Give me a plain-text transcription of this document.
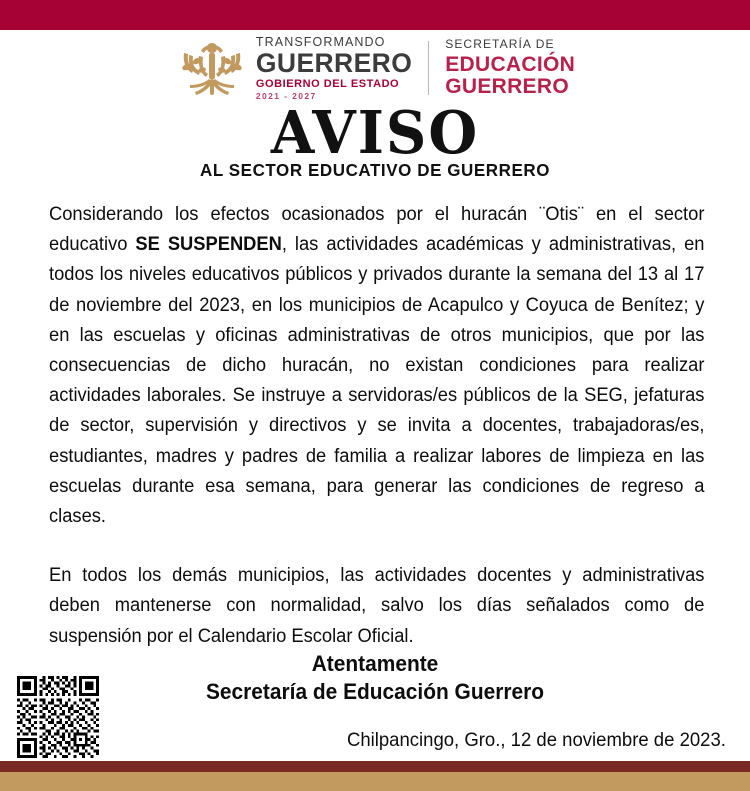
TRANSFORMANDO
GUERRERO
GOBIERNO DEL ESTADO
2021 - 2027
SECRETARÍA DE
EDUCACIÓN
GUERRERO
AVISO
AL SECTOR EDUCATIVO DE GUERRERO

Considerando los efectos ocasionados por el huracán ¨Otis¨ en el sector educativo SE SUSPENDEN, las actividades académicas y administrativas, en todos los niveles educativos públicos y privados durante la semana del 13 al 17 de noviembre del 2023, en los municipios de Acapulco y Coyuca de Benítez; y en las escuelas y oficinas administrativas de otros municipios, que por las consecuencias de dicho huracán, no existan condiciones para realizar actividades laborales. Se instruye a servidoras/es públicos de la SEG, jefaturas de sector, supervisión y directivos y se invita a docentes, trabajadoras/es, estudiantes, madres y padres de familia a realizar labores de limpieza en las escuelas durante esa semana, para generar las condiciones de regreso a clases.

En todos los demás municipios, las actividades docentes y administrativas deben mantenerse con normalidad, salvo los días señalados como de suspensión por el Calendario Escolar Oficial.

Atentamente
Secretaría de Educación Guerrero
Chilpancingo, Gro., 12 de noviembre de 2023.
